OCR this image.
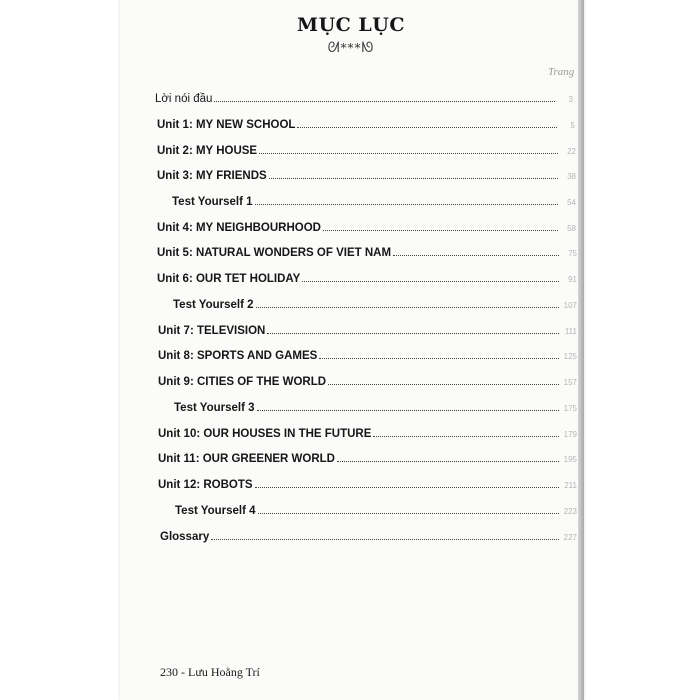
MỤC LỤC
ᘛ***ᘚ
Trang
Lời nói đầu	3
Unit 1: MY NEW SCHOOL	5
Unit 2: MY HOUSE	22
Unit 3: MY FRIENDS	38
Test Yourself 1	54
Unit 4: MY NEIGHBOURHOOD	58
Unit 5: NATURAL WONDERS OF VIET NAM	75
Unit 6: OUR TET HOLIDAY	91
Test Yourself 2	107
Unit 7: TELEVISION	111
Unit 8: SPORTS AND GAMES	125
Unit 9: CITIES OF THE WORLD	157
Test Yourself 3	175
Unit 10: OUR HOUSES IN THE FUTURE	179
Unit 11: OUR GREENER WORLD	195
Unit 12: ROBOTS	211
Test Yourself 4	223
Glossary	227
230 - Lưu Hoằng Trí
